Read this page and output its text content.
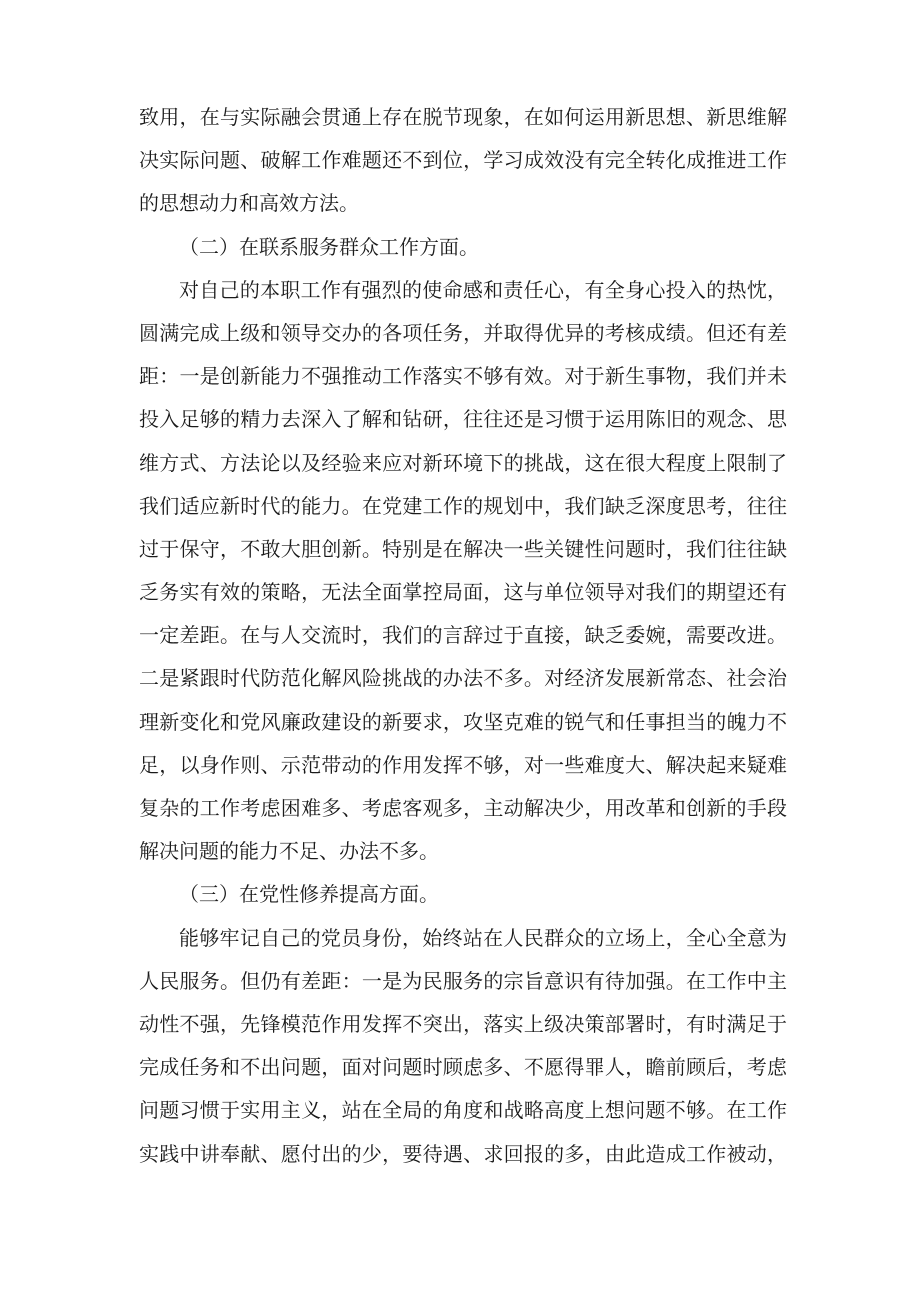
致用，在与实际融会贯通上存在脱节现象，在如何运用新思想、新思维解
决实际问题、破解工作难题还不到位，学习成效没有完全转化成推进工作
的思想动力和高效方法。
（二）在联系服务群众工作方面。
对自己的本职工作有强烈的使命感和责任心，有全身心投入的热忱，
圆满完成上级和领导交办的各项任务，并取得优异的考核成绩。但还有差
距：一是创新能力不强推动工作落实不够有效。对于新生事物，我们并未
投入足够的精力去深入了解和钻研，往往还是习惯于运用陈旧的观念、思
维方式、方法论以及经验来应对新环境下的挑战，这在很大程度上限制了
我们适应新时代的能力。在党建工作的规划中，我们缺乏深度思考，往往
过于保守，不敢大胆创新。特别是在解决一些关键性问题时，我们往往缺
乏务实有效的策略，无法全面掌控局面，这与单位领导对我们的期望还有
一定差距。在与人交流时，我们的言辞过于直接，缺乏委婉，需要改进。
二是紧跟时代防范化解风险挑战的办法不多。对经济发展新常态、社会治
理新变化和党风廉政建设的新要求，攻坚克难的锐气和任事担当的魄力不
足，以身作则、示范带动的作用发挥不够，对一些难度大、解决起来疑难
复杂的工作考虑困难多、考虑客观多，主动解决少，用改革和创新的手段
解决问题的能力不足、办法不多。
（三）在党性修养提高方面。
能够牢记自己的党员身份，始终站在人民群众的立场上，全心全意为
人民服务。但仍有差距：一是为民服务的宗旨意识有待加强。在工作中主
动性不强，先锋模范作用发挥不突出，落实上级决策部署时，有时满足于
完成任务和不出问题，面对问题时顾虑多、不愿得罪人，瞻前顾后，考虑
问题习惯于实用主义，站在全局的角度和战略高度上想问题不够。在工作
实践中讲奉献、愿付出的少，要待遇、求回报的多，由此造成工作被动，
